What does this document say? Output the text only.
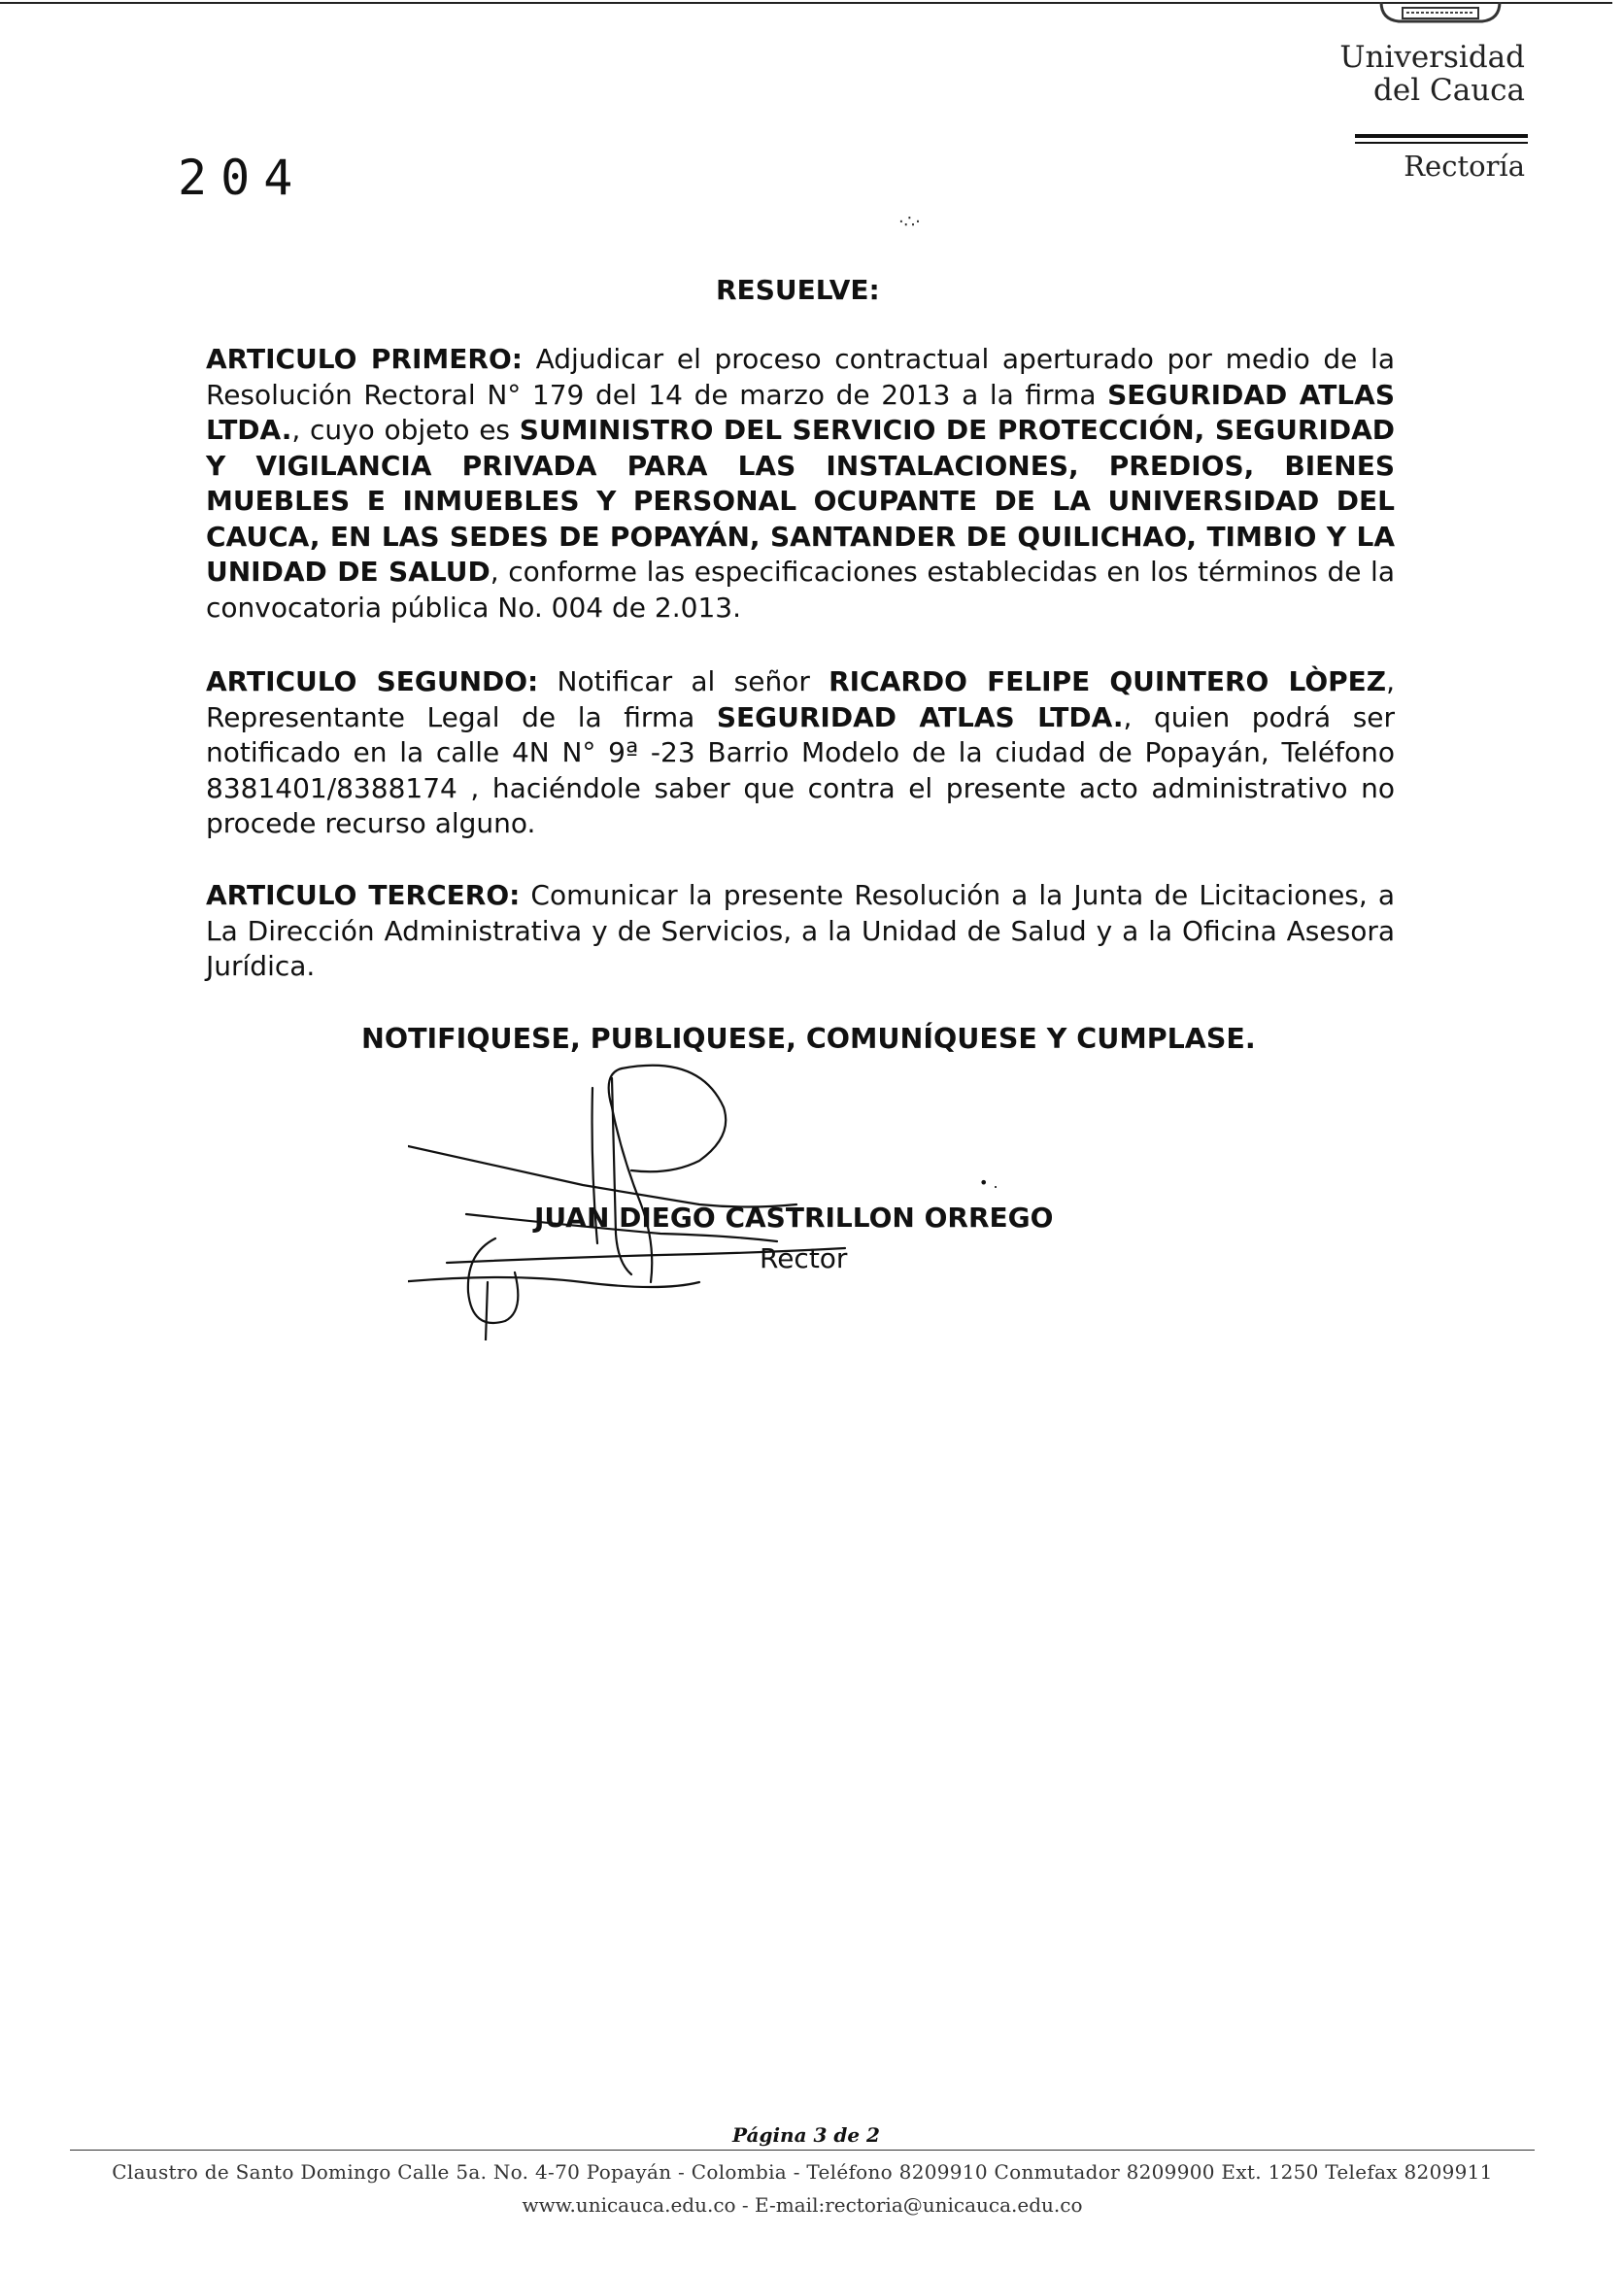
Universidad
del Cauca
Rectoría
204
·∴·
RESUELVE:
ARTICULO PRIMERO: Adjudicar el proceso contractual aperturado por medio de la Resolución Rectoral N° 179 del 14 de marzo de 2013 a la firma SEGURIDAD ATLAS LTDA., cuyo objeto es SUMINISTRO DEL SERVICIO DE PROTECCIÓN, SEGURIDAD Y VIGILANCIA PRIVADA PARA LAS INSTALACIONES, PREDIOS, BIENES MUEBLES E INMUEBLES Y PERSONAL OCUPANTE DE LA UNIVERSIDAD DEL CAUCA, EN LAS SEDES DE POPAYÁN, SANTANDER DE QUILICHAO, TIMBIO Y LA UNIDAD DE SALUD, conforme las especificaciones establecidas en los términos de la convocatoria pública No. 004 de 2.013.
ARTICULO SEGUNDO: Notificar al señor RICARDO FELIPE QUINTERO LÒPEZ, Representante Legal de la firma SEGURIDAD ATLAS LTDA., quien podrá ser notificado en la calle 4N N° 9ª -23 Barrio Modelo de la ciudad de Popayán, Teléfono 8381401/8388174 , haciéndole saber que contra el presente acto administrativo no procede recurso alguno.
ARTICULO TERCERO: Comunicar la presente Resolución a la Junta de Licitaciones, a La Dirección Administrativa y de Servicios, a la Unidad de Salud y a la Oficina Asesora Jurídica.
NOTIFIQUESE, PUBLIQUESE, COMUNÍQUESE Y CUMPLASE.
• .
JUAN DIEGO CASTRILLON ORREGO
Rector
Página 3 de 2
Claustro de Santo Domingo Calle 5a. No. 4-70 Popayán - Colombia - Teléfono 8209910 Conmutador 8209900 Ext. 1250 Telefax 8209911
www.unicauca.edu.co - E-mail:rectoria@unicauca.edu.co
